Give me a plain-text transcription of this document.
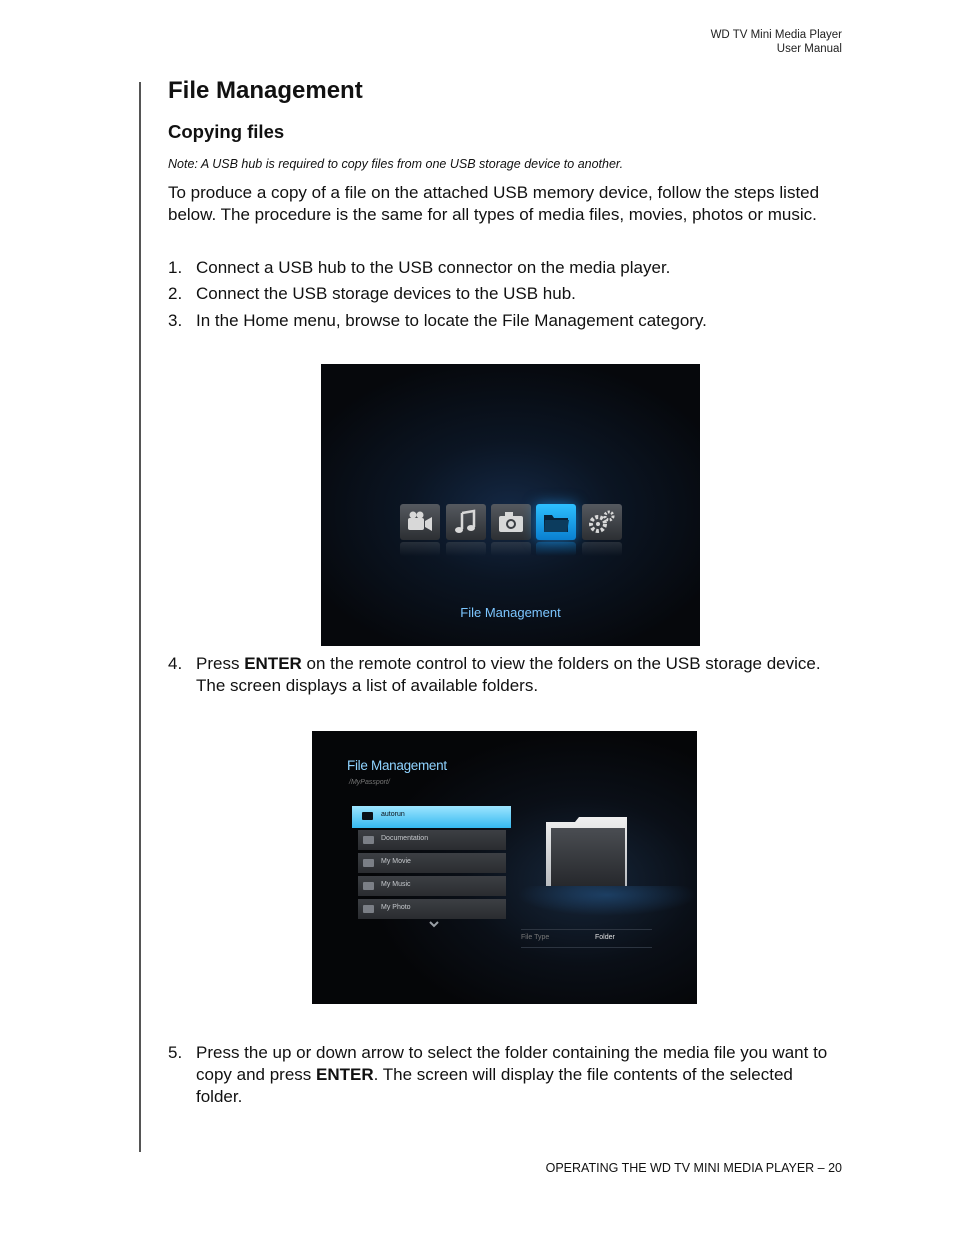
WD TV Mini Media Player
User Manual
File Management
Copying files
Note: A USB hub is required to copy files from one USB storage device to another.
To produce a copy of a file on the attached USB memory device, follow the steps listed below. The procedure is the same for all types of media files, movies, photos or music.
1. Connect a USB hub to the USB connector on the media player.
2. Connect the USB storage devices to the USB hub.
3. In the Home menu, browse to locate the File Management category.
4. Press ENTER on the remote control to view the folders on the USB storage device. The screen displays a list of available folders.
5. Press the up or down arrow to select the folder containing the media file you want to copy and press ENTER. The screen will display the file contents of the selected folder.
File Management
File Management
/MyPassport/
autorun
Documentation
My Movie
My Music
My Photo
File Type	Folder
OPERATING THE WD TV MINI MEDIA PLAYER – 20
